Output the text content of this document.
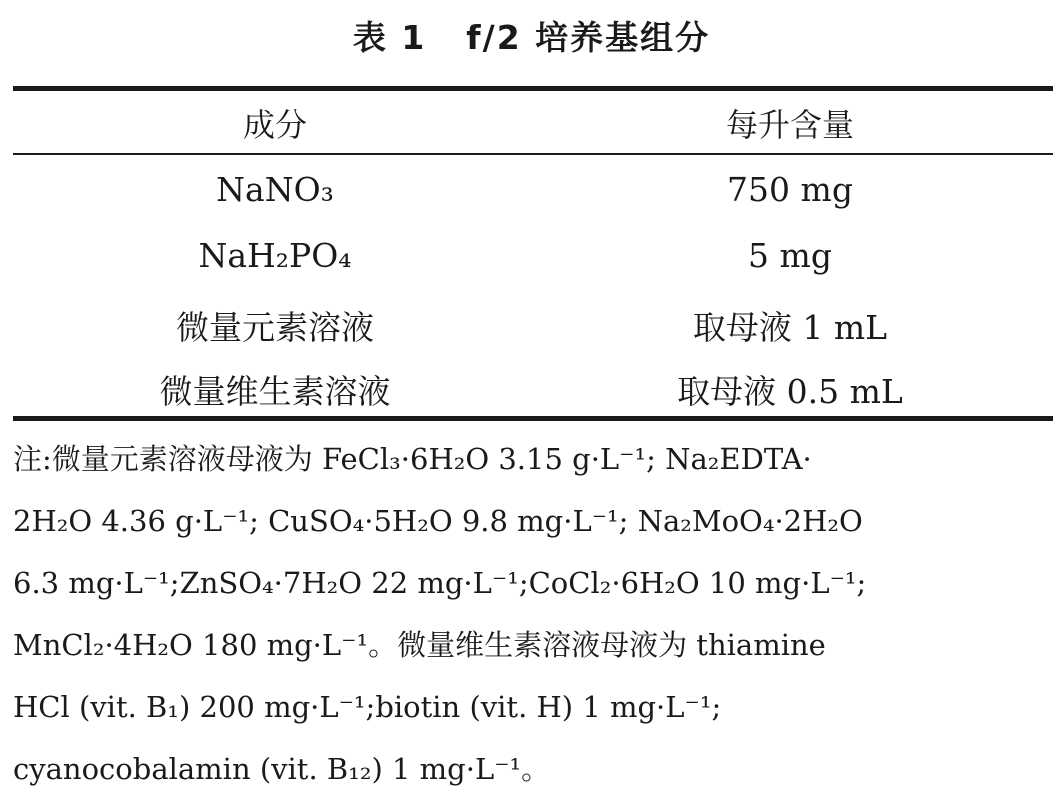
表 1 f/2 培养基组分
成分	每升含量
NaNO₃	750 mg
NaH₂PO₄	5 mg
微量元素溶液	取母液 1 mL
微量维生素溶液	取母液 0.5 mL
注:微量元素溶液母液为 FeCl₃·6H₂O 3.15 g·L⁻¹; Na₂EDTA·
2H₂O 4.36 g·L⁻¹; CuSO₄·5H₂O 9.8 mg·L⁻¹; Na₂MoO₄·2H₂O
6.3 mg·L⁻¹;ZnSO₄·7H₂O 22 mg·L⁻¹;CoCl₂·6H₂O 10 mg·L⁻¹;
MnCl₂·4H₂O 180 mg·L⁻¹。微量维生素溶液母液为 thiamine
HCl (vit. B₁) 200 mg·L⁻¹;biotin (vit. H) 1 mg·L⁻¹;
cyanocobalamin (vit. B₁₂) 1 mg·L⁻¹。
